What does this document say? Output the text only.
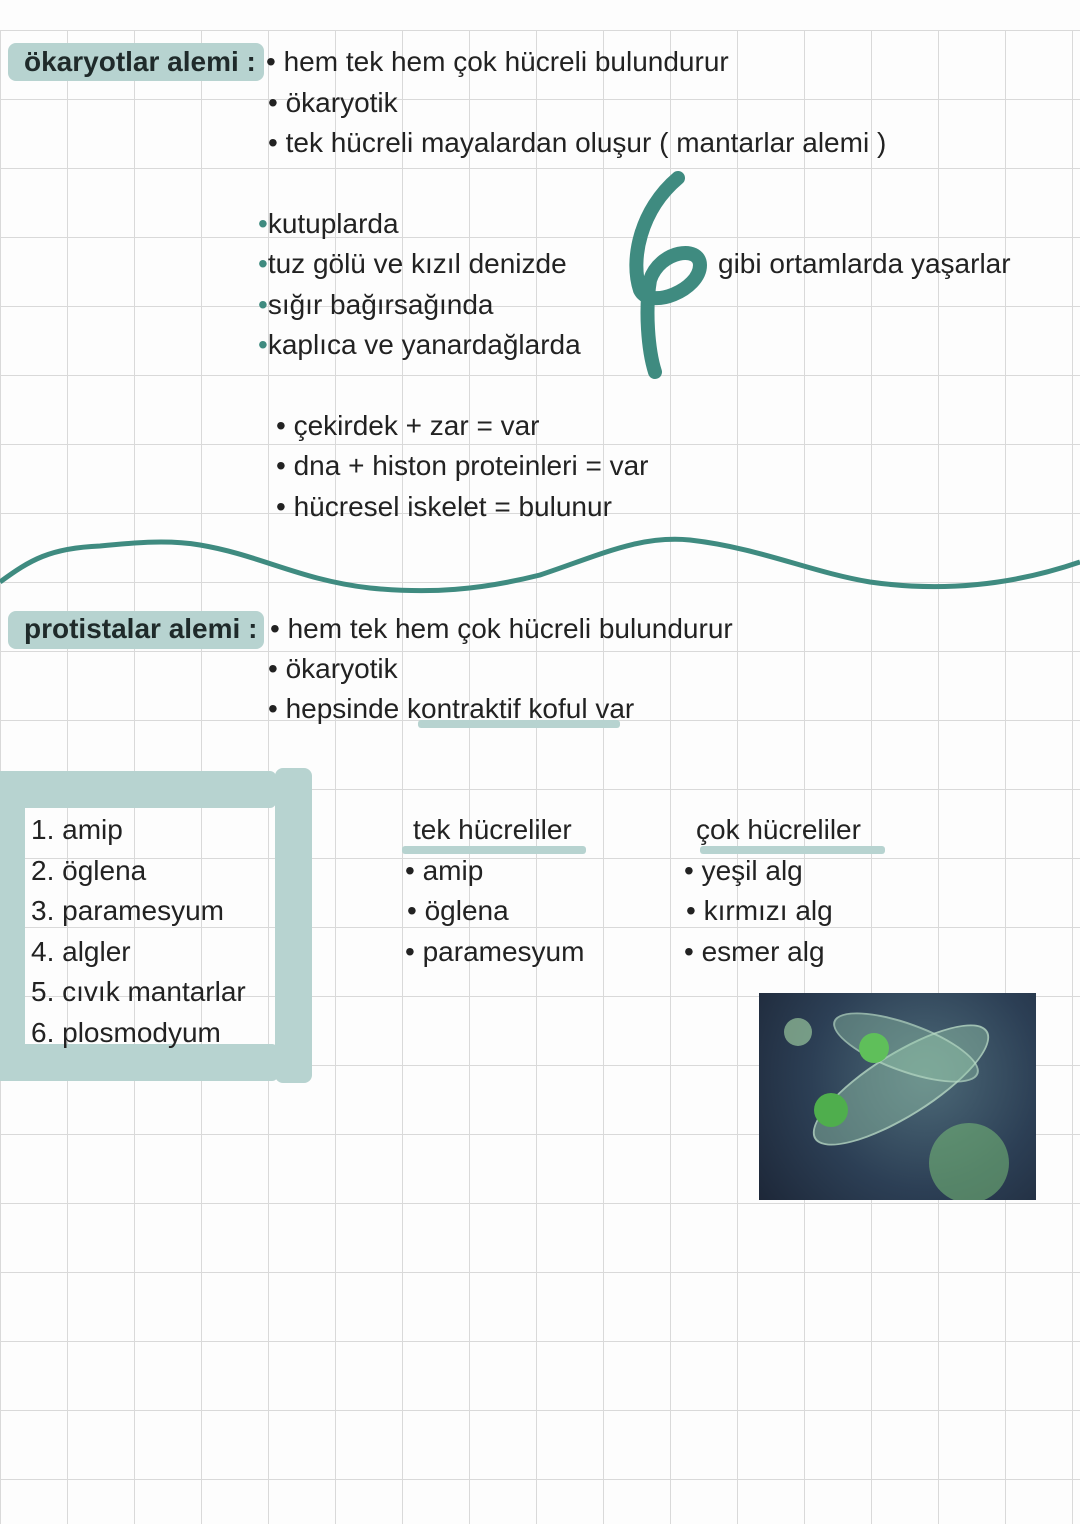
ökaryotlar alemi : • hem tek hem çok hücreli bulundurur
• ökaryotik
• tek hücreli mayalardan oluşur ( mantarlar alemi )
•kutuplarda
•tuz gölü ve kızıl denizde
•sığır bağırsağında
•kaplıca ve yanardağlarda
gibi ortamlarda yaşarlar
• çekirdek + zar = var
• dna + histon proteinleri = var
• hücresel iskelet = bulunur
protistalar alemi : • hem tek hem çok hücreli bulundurur
• ökaryotik
• hepsinde kontraktif koful var
1. amip
2. öglena
3. paramesyum
4. algler
5. cıvık mantarlar
6. plosmodyum
tek hücreliler
• amip
• öglena
• paramesyum
çok hücreliler
• yeşil alg
• kırmızı alg
• esmer alg
